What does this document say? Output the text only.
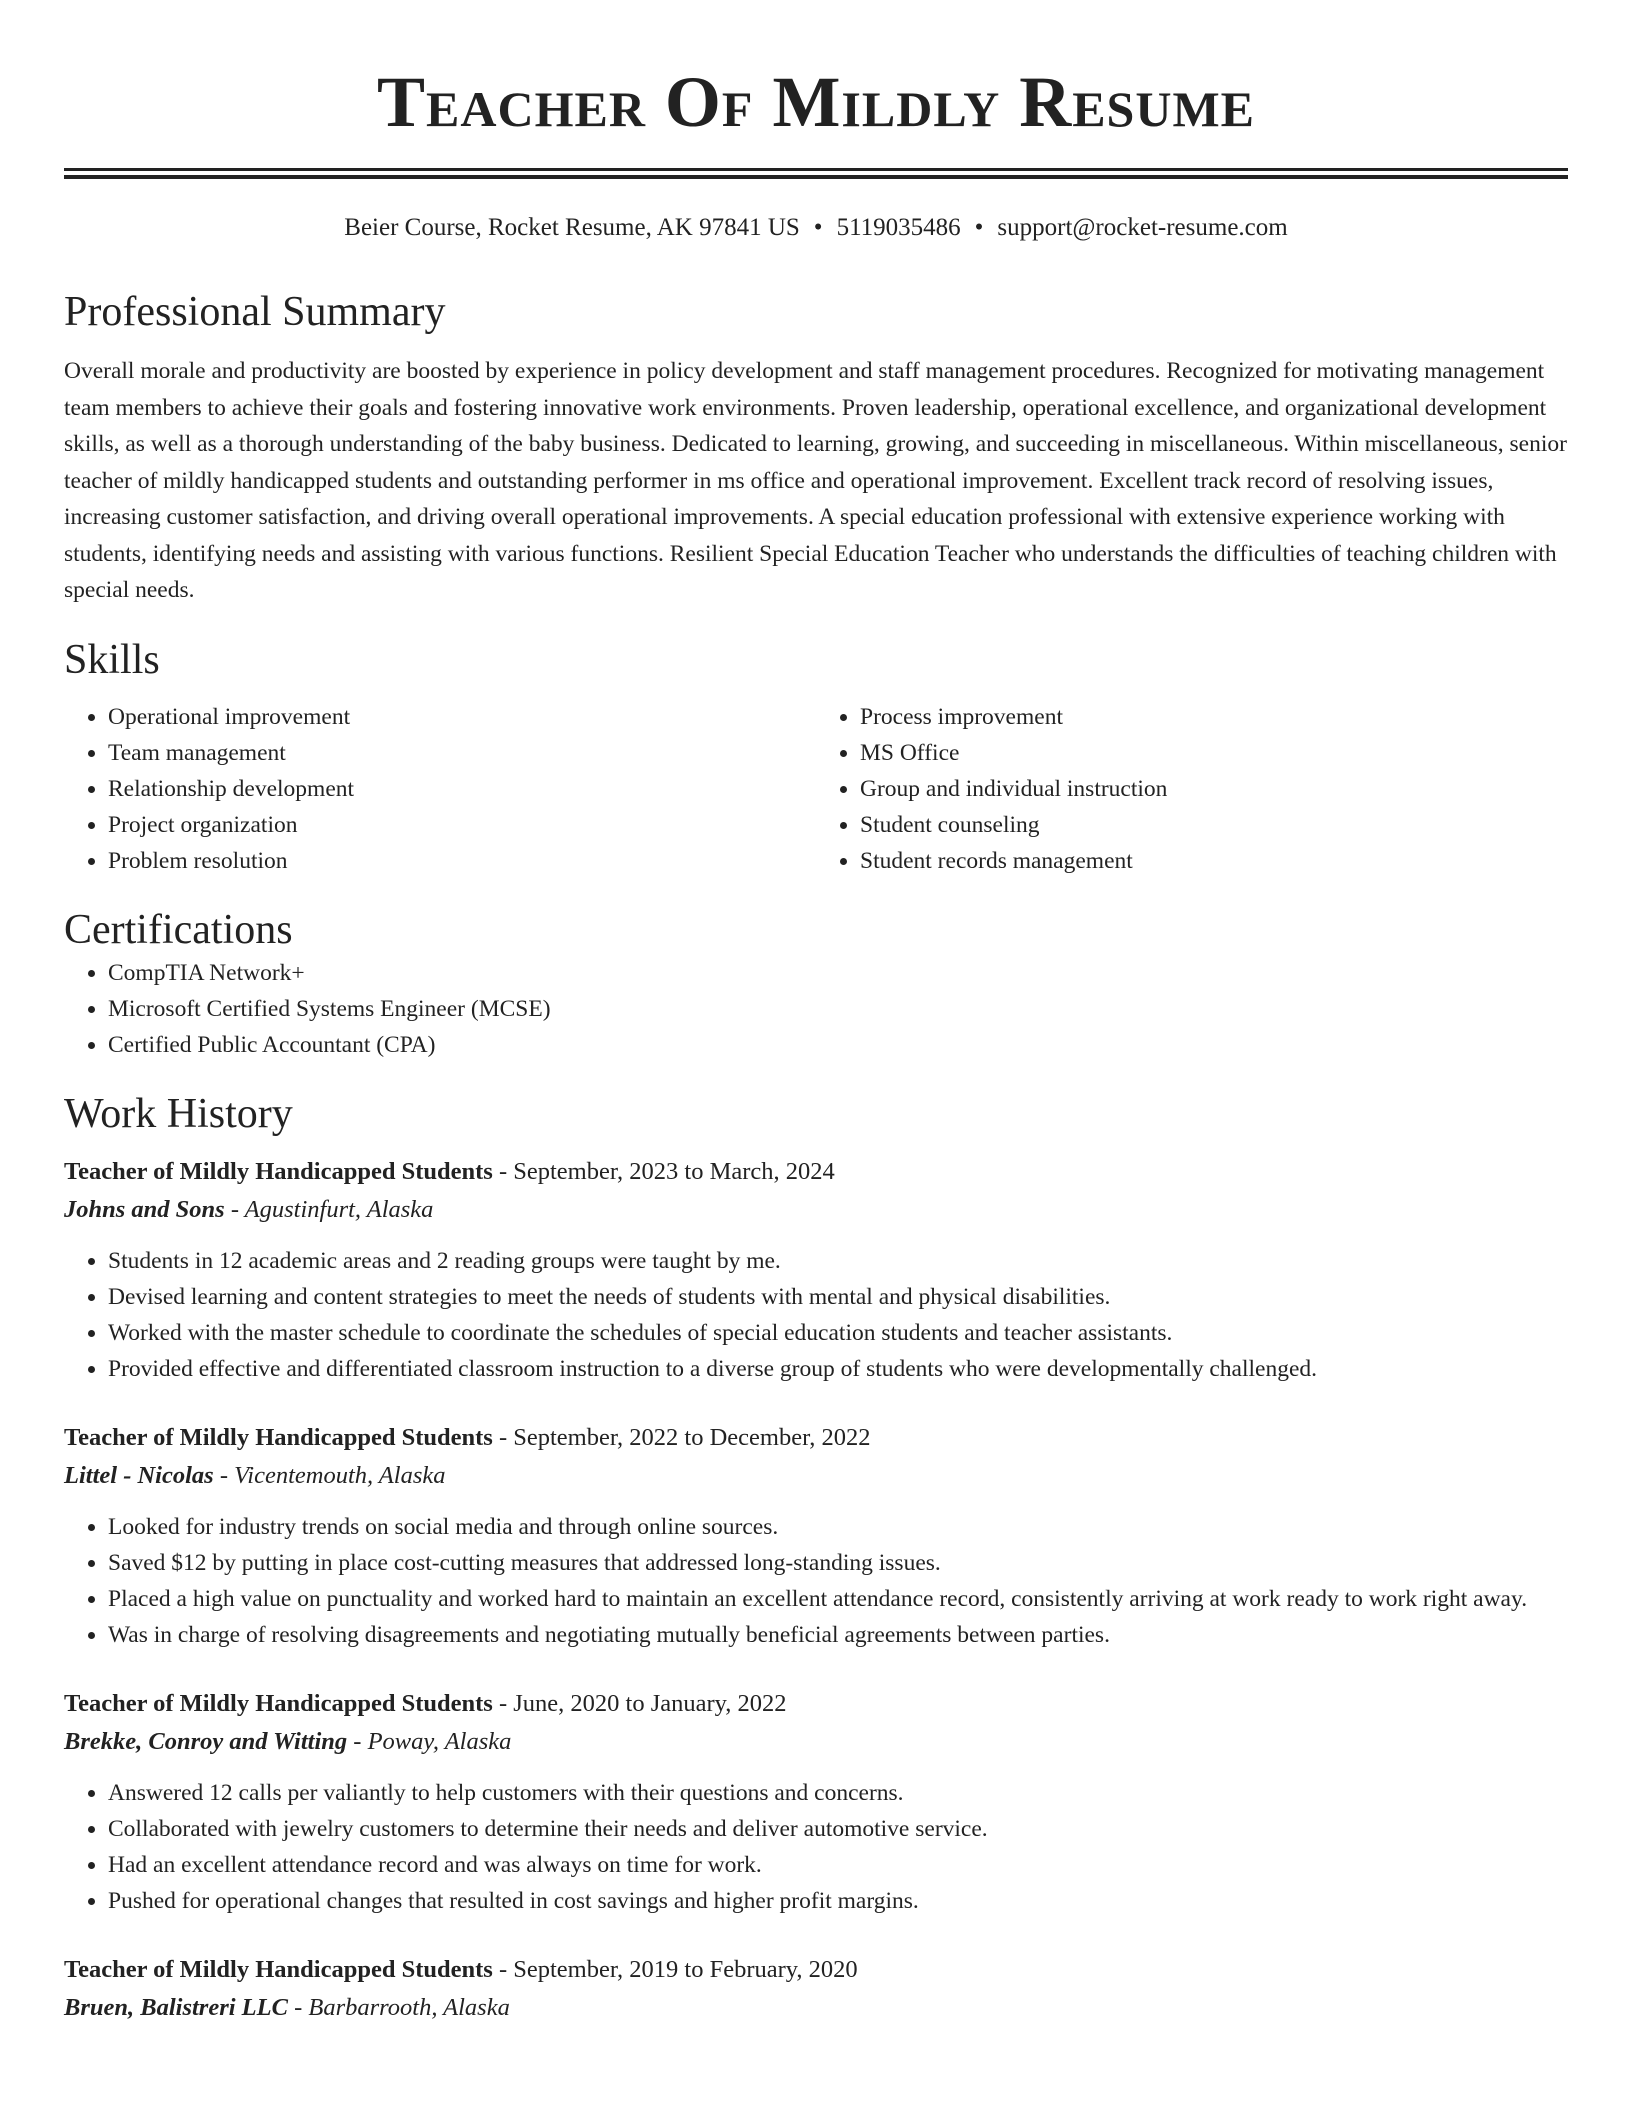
Teacher Of Mildly Resume
Beier Course, Rocket Resume, AK 97841 US • 5119035486 • support@rocket-resume.com
Professional Summary

Overall morale and productivity are boosted by experience in policy development and staff management procedures. Recognized for motivating management team members to achieve their goals and fostering innovative work environments. Proven leadership, operational excellence, and organizational development skills, as well as a thorough understanding of the baby business. Dedicated to learning, growing, and succeeding in miscellaneous. Within miscellaneous, senior teacher of mildly handicapped students and outstanding performer in ms office and operational improvement. Excellent track record of resolving issues, increasing customer satisfaction, and driving overall operational improvements. A special education professional with extensive experience working with students, identifying needs and assisting with various functions. Resilient Special Education Teacher who understands the difficulties of teaching children with special needs.

Skills
• Operational improvement
• Team management
• Relationship development
• Project organization
• Problem resolution
• Process improvement
• MS Office
• Group and individual instruction
• Student counseling
• Student records management
Certifications
• CompTIA Network+
• Microsoft Certified Systems Engineer (MCSE)
• Certified Public Accountant (CPA)
Work History
Teacher of Mildly Handicapped Students - September, 2023 to March, 2024
Johns and Sons - Agustinfurt, Alaska
• Students in 12 academic areas and 2 reading groups were taught by me.
• Devised learning and content strategies to meet the needs of students with mental and physical disabilities.
• Worked with the master schedule to coordinate the schedules of special education students and teacher assistants.
• Provided effective and differentiated classroom instruction to a diverse group of students who were developmentally challenged.
Teacher of Mildly Handicapped Students - September, 2022 to December, 2022
Littel - Nicolas - Vicentemouth, Alaska
• Looked for industry trends on social media and through online sources.
• Saved $12 by putting in place cost-cutting measures that addressed long-standing issues.
• Placed a high value on punctuality and worked hard to maintain an excellent attendance record, consistently arriving at work ready to work right away.
• Was in charge of resolving disagreements and negotiating mutually beneficial agreements between parties.
Teacher of Mildly Handicapped Students - June, 2020 to January, 2022
Brekke, Conroy and Witting - Poway, Alaska
• Answered 12 calls per valiantly to help customers with their questions and concerns.
• Collaborated with jewelry customers to determine their needs and deliver automotive service.
• Had an excellent attendance record and was always on time for work.
• Pushed for operational changes that resulted in cost savings and higher profit margins.
Teacher of Mildly Handicapped Students - September, 2019 to February, 2020
Bruen, Balistreri LLC - Barbarrooth, Alaska
